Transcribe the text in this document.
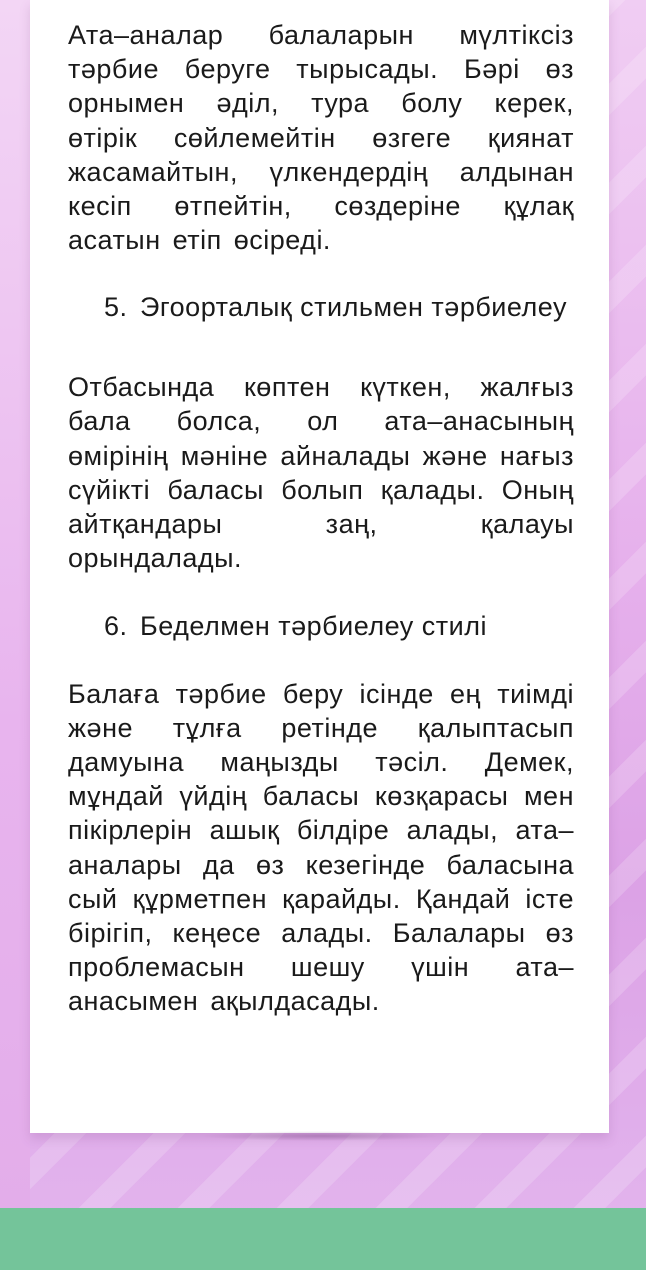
Ата–аналар балаларын мүлтіксіз тәрбие беруге тырысады. Бәрі өз орнымен әділ, тура болу керек, өтірік сөйлемейтін өзгеге қиянат жасамайтын, үлкендердің алдынан кесіп өтпейтін, сөздеріне құлақ асатын етіп өсіреді.

5. Эгоорталық стильмен тәрбиелеу

Отбасында көптен күткен, жалғыз бала болса, ол ата–анасының өмірінің мәніне айналады және нағыз сүйікті баласы болып қалады. Оның айтқандары заң, қалауы орындалады.

6. Беделмен тәрбиелеу стилі

Балаға тәрбие беру ісінде ең тиімді және тұлға ретінде қалыптасып дамуына маңызды тәсіл. Демек, мұндай үйдің баласы көзқарасы мен пікірлерін ашық білдіре алады, ата–аналары да өз кезегінде баласына сый құрметпен қарайды. Қандай істе бірігіп, кеңесе алады. Балалары өз проблемасын шешу үшін ата–анасымен ақылдасады.
